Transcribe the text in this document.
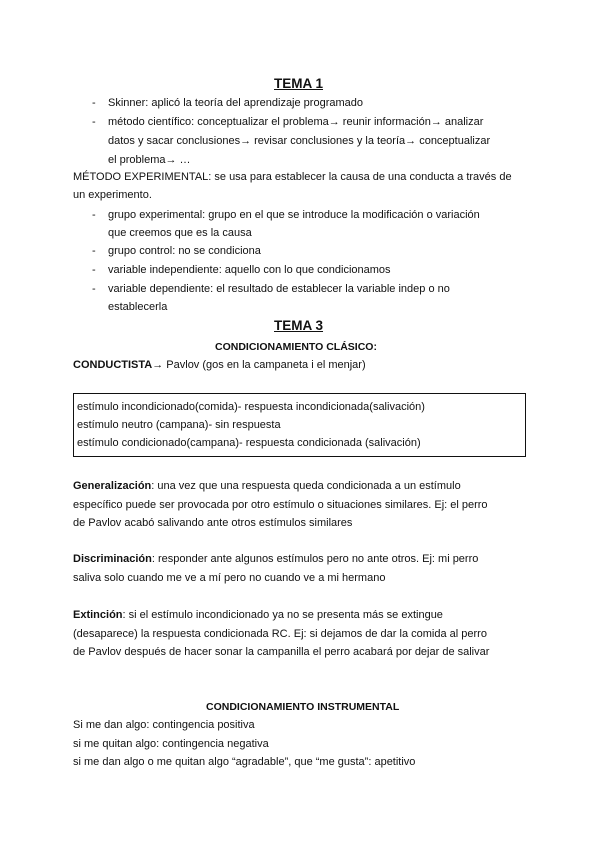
TEMA 1
- Skinner: aplicó la teoría del aprendizaje programado
- método científico: conceptualizar el problema→ reunir información→ analizar
datos y sacar conclusiones→ revisar conclusiones y la teoría→ conceptualizar
el problema→ …
MÉTODO EXPERIMENTAL: se usa para establecer la causa de una conducta a través de
un experimento.
- grupo experimental: grupo en el que se introduce la modificación o variación
que creemos que es la causa
- grupo control: no se condiciona
- variable independiente: aquello con lo que condicionamos
- variable dependiente: el resultado de establecer la variable indep o no
establecerla
TEMA 3
CONDICIONAMIENTO CLÁSICO:
CONDUCTISTA→ Pavlov (gos en la campaneta i el menjar)
estímulo incondicionado(comida)- respuesta incondicionada(salivación)
estímulo neutro (campana)- sin respuesta
estímulo condicionado(campana)- respuesta condicionada (salivación)
Generalización: una vez que una respuesta queda condicionada a un estímulo
específico puede ser provocada por otro estímulo o situaciones similares. Ej: el perro
de Pavlov acabó salivando ante otros estímulos similares
Discriminación: responder ante algunos estímulos pero no ante otros. Ej: mi perro
saliva solo cuando me ve a mí pero no cuando ve a mi hermano
Extinción: si el estímulo incondicionado ya no se presenta más se extingue
(desaparece) la respuesta condicionada RC. Ej: si dejamos de dar la comida al perro
de Pavlov después de hacer sonar la campanilla el perro acabará por dejar de salivar
CONDICIONAMIENTO INSTRUMENTAL
Si me dan algo: contingencia positiva
si me quitan algo: contingencia negativa
si me dan algo o me quitan algo “agradable”, que “me gusta”: apetitivo
